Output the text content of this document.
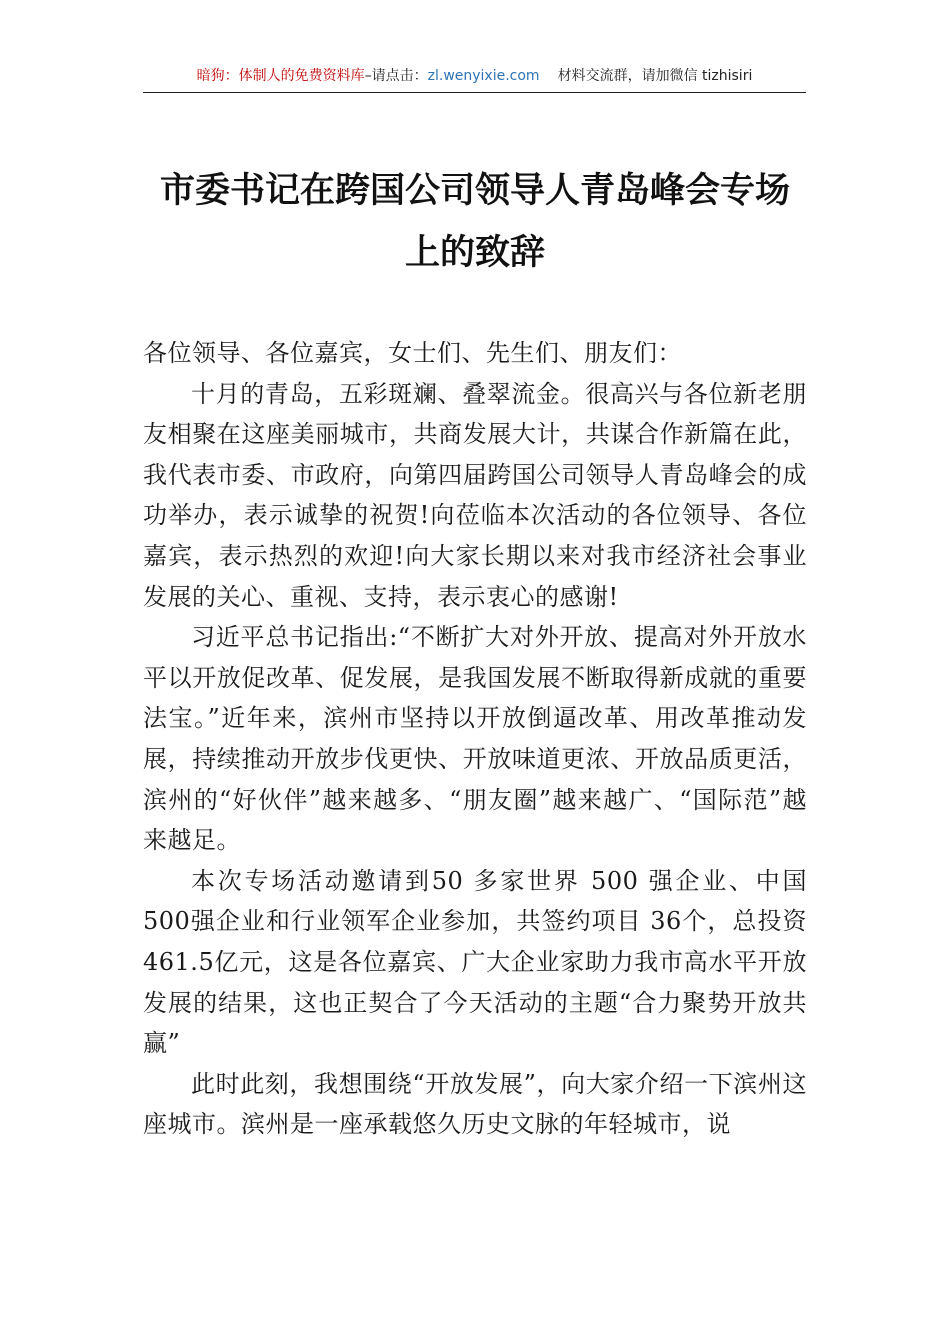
暗狗：体制人的免费资料库 –请点击： zl.wenyixie.com 材料交流群，请加微信 tizhisiri
市委书记在跨国公司领导人青岛峰会专场
上的致辞

各位领导、各位嘉宾，女士们、先生们、朋友们：

十月的青岛，五彩斑斓、叠翠流金。很高兴与各位新老朋友相聚在这座美丽城市，共商发展大计，共谋合作新篇在此，我代表市委、市政府，向第四届跨国公司领导人青岛峰会的成功举办，表示诚挚的祝贺!向莅临本次活动的各位领导、各位嘉宾，表示热烈的欢迎!向大家长期以来对我市经济社会事业发展的关心、重视、支持，表示衷心的感谢!

习近平总书记指出:“不断扩大对外开放、提高对外开放水平以开放促改革、促发展，是我国发展不断取得新成就的重要法宝。”近年来，滨州市坚持以开放倒逼改革、用改革推动发展，持续推动开放步伐更快、开放味道更浓、开放品质更活，滨州的“好伙伴”越来越多、“朋友圈”越来越广、“国际范”越来越足。

本次专场活动邀请到50 多家世界 500 强企业、中国500强企业和行业领军企业参加，共签约项目 36个，总投资 461.5亿元，这是各位嘉宾、广大企业家助力我市高水平开放发展的结果，这也正契合了今天活动的主题“合力聚势开放共赢”

此时此刻，我想围绕“开放发展”，向大家介绍一下滨州这座城市。滨州是一座承载悠久历史文脉的年轻城市，说
